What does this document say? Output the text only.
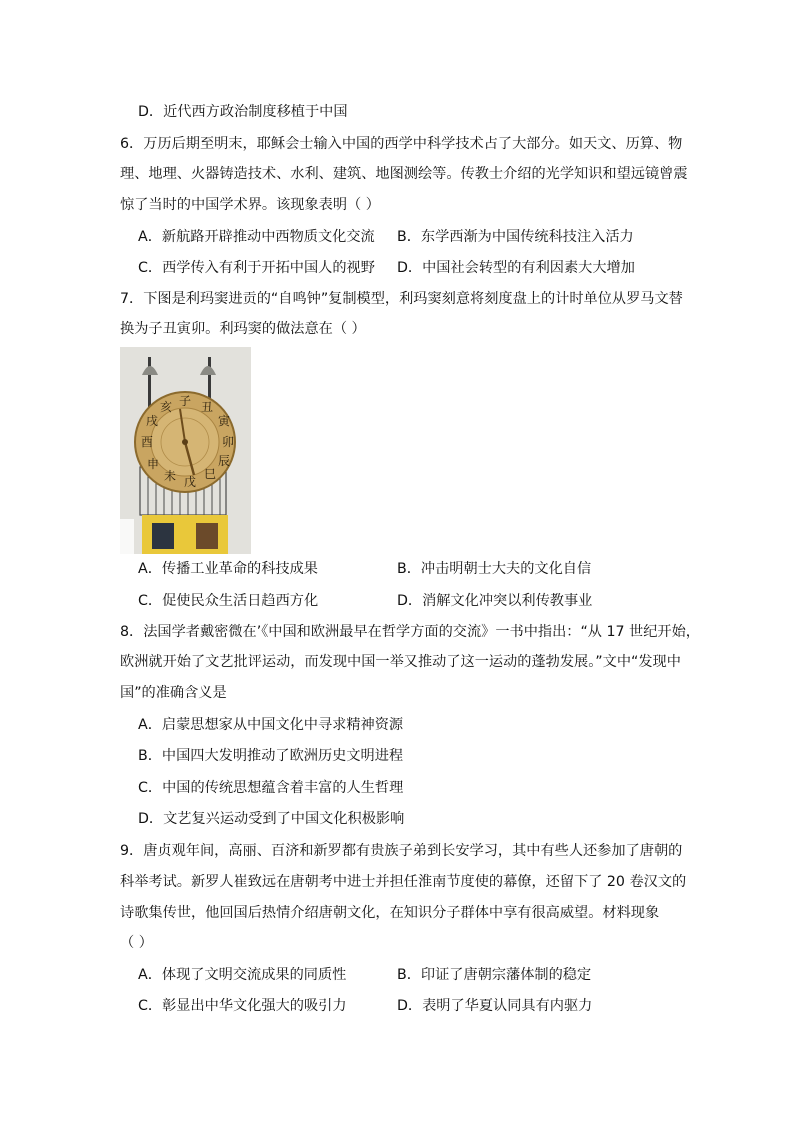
D．近代西方政治制度移植于中国
6．万历后期至明末，耶稣会士输入中国的西学中科学技术占了大部分。如天文、历算、物
理、地理、火器铸造技术、水利、建筑、地图测绘等。传教士介绍的光学知识和望远镜曾震
惊了当时的中国学术界。该现象表明（ ）
A．新航路开辟推动中西物质文化交流 B．东学西渐为中国传统科技注入活力
C．西学传入有利于开拓中国人的视野 D．中国社会转型的有利因素大大增加
7．下图是利玛窦进贡的“自鸣钟”复制模型，利玛窦刻意将刻度盘上的计时单位从罗马文替
换为子丑寅卯。利玛窦的做法意在（ ）
子 丑
寅
卯
辰
巳
戊
未
申
酉
戌
亥
A．传播工业革命的科技成果	B．冲击明朝士大夫的文化自信
C．促使民众生活日趋西方化	D．消解文化冲突以利传教事业
8．法国学者戴密微在’《中国和欧洲最早在哲学方面的交流》一书中指出：“从 17 世纪开始，
欧洲就开始了文艺批评运动，而发现中国一举又推动了这一运动的蓬勃发展。”文中“发现中
国”的准确含义是
A．启蒙思想家从中国文化中寻求精神资源
B．中国四大发明推动了欧洲历史文明进程
C．中国的传统思想蕴含着丰富的人生哲理
D．文艺复兴运动受到了中国文化积极影响
9．唐贞观年间，高丽、百济和新罗都有贵族子弟到长安学习，其中有些人还参加了唐朝的
科举考试。新罗人崔致远在唐朝考中进士并担任淮南节度使的幕僚，还留下了 20 卷汉文的
诗歌集传世，他回国后热情介绍唐朝文化，在知识分子群体中享有很高威望。材料现象
（ ）
A．体现了文明交流成果的同质性	B．印证了唐朝宗藩体制的稳定
C．彰显出中华文化强大的吸引力	D．表明了华夏认同具有内驱力
